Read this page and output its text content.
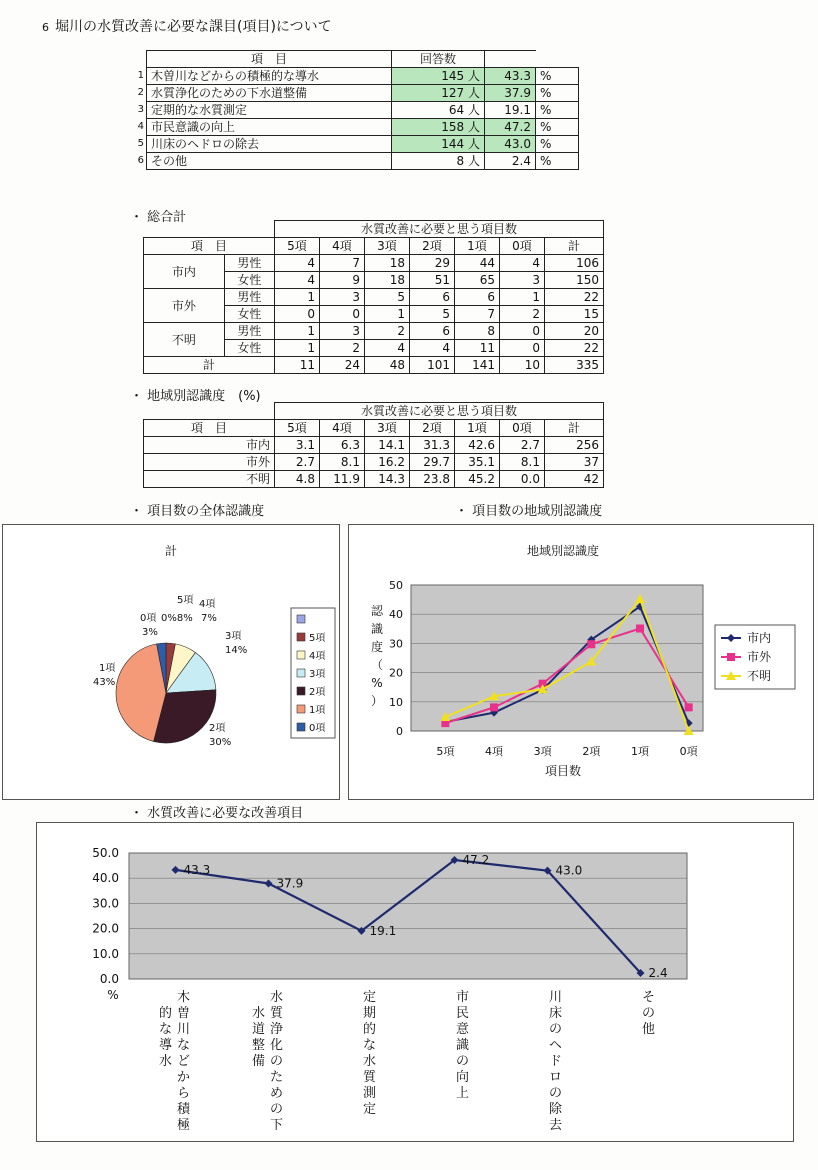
6 堀川の水質改善に必要な課目(項目)について
	項　目	回答数		
1	木曽川などからの積極的な導水	145 人	43.3	%
2	水質浄化のための下水道整備	127 人	37.9	%
3	定期的な水質測定	64 人	19.1	%
4	市民意識の向上	158 人	47.2	%
5	川床のヘドロの除去	144 人	43.0	%
6	その他	8 人	2.4	%
・ 総合計
		水質改善に必要と思う項目数						
項　目		5項	4項	3項	2項	1項	0項	計
市内	男性	4	7	18	29	44	4	106
	女性	4	9	18	51	65	3	150
市外	男性	1	3	5	6	6	1	22
	女性	0	0	1	5	7	2	15
不明	男性	1	3	2	6	8	0	20
	女性	1	2	4	4	11	0	22
計		11	24	48	101	141	10	335
・ 地域別認識度　(%)
	水質改善に必要と思う項目数						
項　目	5項	4項	3項	2項	1項	0項	計
市内	3.1	6.3	14.1	31.3	42.6	2.7	256
市外	2.7	8.1	16.2	29.7	35.1	8.1	37
不明	4.8	11.9	14.3	23.8	45.2	0.0	42
・ 項目数の全体認識度	・ 項目数の地域別認識度
計
5項 4項
7%
3項
14%
2項
30%
1項
43%
0項 0%8%
3%
5項
4項
3項
2項
1項
0項
地域別認識度
0
10
20
30
40
50
5項	4項	3項	2項	1項	0項
項目数
認
識
度
（
%
）
市内
市外
不明
・ 水質改善に必要な改善項目
0.0
10.0
20.0
30.0
40.0
50.0
%
43.3
37.9
19.1
47.2
43.0
2.4
木
曽
川
な
ど
か
ら
積
極
的
な
導
水
水
質
浄
化
の
た
め
の
下
水
道
整
備
定
期
的
な
水
質
測
定
市
民
意
識
の
向
上
川
床
の
ヘ
ド
ロ
の
除
去
そ
の
他
